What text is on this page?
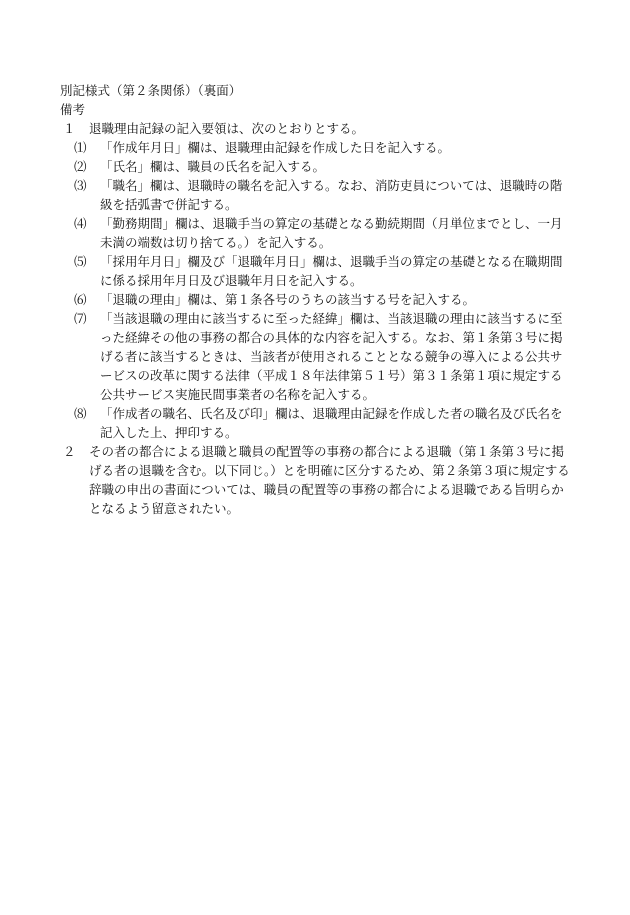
別記様式（第２条関係）（裏面）

備考

１	退職理由記録の記入要領は、次のとおりとする。
⑴	「作成年月日」欄は、退職理由記録を作成した日を記入する。
⑵	「氏名」欄は、職員の氏名を記入する。
⑶	「職名」欄は、退職時の職名を記入する。なお、消防吏員については、退職時の階級を括弧書で併記する。
⑷	「勤務期間」欄は、退職手当の算定の基礎となる勤続期間（月単位までとし、一月未満の端数は切り捨てる。）を記入する。
⑸	「採用年月日」欄及び「退職年月日」欄は、退職手当の算定の基礎となる在職期間に係る採用年月日及び退職年月日を記入する。
⑹	「退職の理由」欄は、第１条各号のうちの該当する号を記入する。
⑺	「当該退職の理由に該当するに至った経緯」欄は、当該退職の理由に該当するに至った経緯その他の事務の都合の具体的な内容を記入する。なお、第１条第３号に掲げる者に該当するときは、当該者が使用されることとなる競争の導入による公共サービスの改革に関する法律（平成１８年法律第５１号）第３１条第１項に規定する公共サービス実施民間事業者の名称を記入する。
⑻	「作成者の職名、氏名及び印」欄は、退職理由記録を作成した者の職名及び氏名を記入した上、押印する。
２	その者の都合による退職と職員の配置等の事務の都合による退職（第１条第３号に掲げる者の退職を含む。以下同じ。）とを明確に区分するため、第２条第３項に規定する辞職の申出の書面については、職員の配置等の事務の都合による退職である旨明らかとなるよう留意されたい。
